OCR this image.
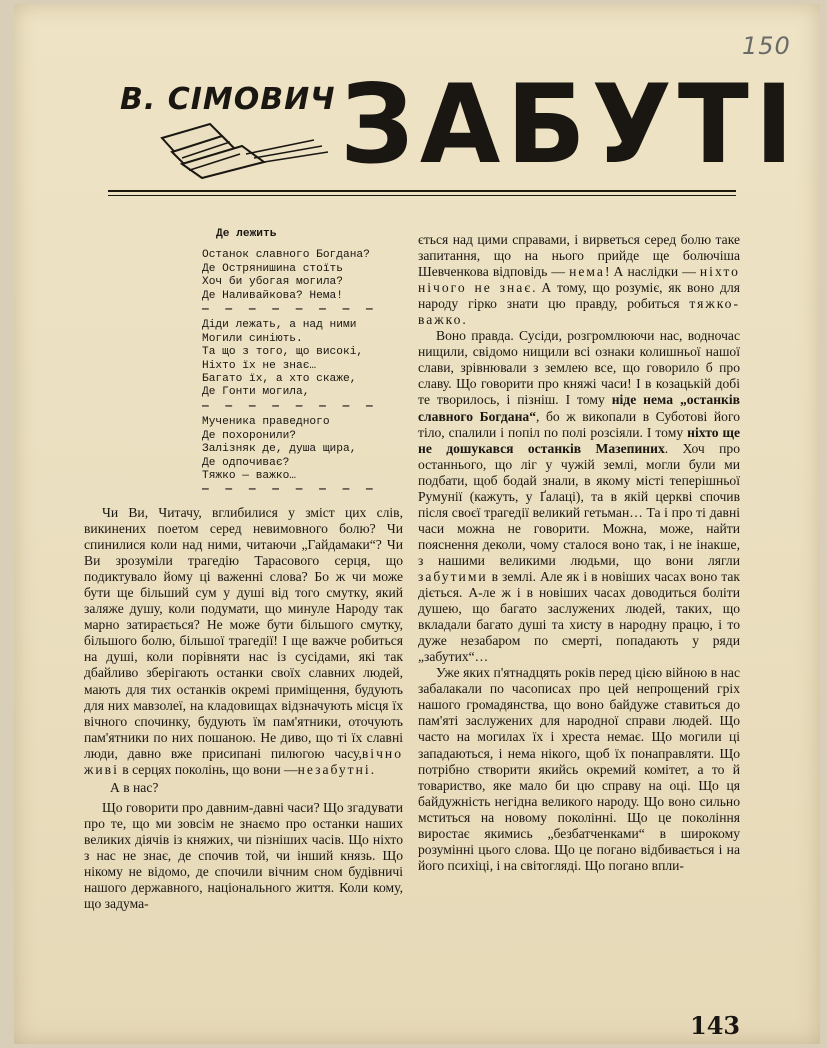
150
В. СІМОВИЧ ЗАБУТІ
Де лежить
Останок славного Богдана?
Де Острянишина стоїть
Хоч би убогая могила?
Де Наливайкова? Нема!
— — — — — — — —
Діди лежать, а над ними
Могили синіють.
Та що з того, що високі,
Ніхто їх не знає…
Багато їх, а хто скаже,
Де Гонти могила,
— — — — — — — —
Мученика праведного
Де похоронили?
Залізняк де, душа щира,
Де одпочиває?
Тяжко — важко…
— — — — — — — —

Чи Ви, Читачу, вглибилися у зміст цих слів, викинених поетом серед невимовного болю? Чи спинилися коли над ними, читаючи „Гайдамаки“? Чи Ви зрозуміли трагедію Тарасового серця, що подиктувало йому ці важенні слова? Бо ж чи може бути ще більший сум у душі від того смутку, який заляже душу, коли подумати, що минуле Народу так марно затирається? Не може бути більшого смутку, більшого болю, більшої трагедії! І ще важче робиться на душі, коли порівняти нас із сусідами, які так дбайливо зберігають останки своїх славних людей, мають для тих останків окремі приміщення, будують для них мавзолеї, на кладовищах відзначують місця їх вічного спочинку, будують їм пам'ятники, оточують пам'ятники по них пошаною. Не диво, що ті їх славні люди, давно вже присипані пилюгою часу,вічно живі в серцях поколінь, що вони —незабутні.

А в нас?

Що говорити про давним-давні часи? Що згадувати про те, що ми зовсім не знаємо про останки наших великих діячів із княжих, чи пізніших часів. Що ніхто з нас не знає, де спочив той, чи інший князь. Що нікому не відомо, де спочили вічним сном будівничі нашого державного, національного життя. Коли кому, що задума-

ється над цими справами, і вирветься серед болю таке запитання, що на нього прийде ще болючіша Шевченкова відповідь — нема! А наслідки — ніхто нічого не знає. А тому, що розуміє, як воно для народу гірко знати цю правду, робиться тяжко-важко.

Воно правда. Сусіди, розгромлюючи нас, водночас нищили, свідомо нищили всі ознаки колишньої нашої слави, зрівнювали з землею все, що говорило б про славу. Що говорити про княжі часи! І в козацькій добі те творилось, і пізніш. І тому ніде нема „останків славного Богдана“, бо ж викопали в Суботові його тіло, спалили і попіл по полі розсіяли. І тому ніхто ще не дошукався останків Мазепиних. Хоч про останнього, що ліг у чужій землі, могли були ми подбати, щоб бодай знали, в якому місті теперішньої Румунії (кажуть, у Ґалаці), та в якій церкві спочив після своєї трагедії великий гетьман… Та і про ті давні часи можна не говорити. Можна, може, найти пояснення деколи, чому сталося воно так, і не інакше, з нашими великими людьми, що вони лягли забутими в землі. Але як і в новіших часах воно так діється. А-ле ж і в новіших часах доводиться боліти душею, що багато заслужених людей, таких, що вкладали багато душі та хисту в народну працю, і то дуже незабаром по смерті, попадають у ряди „забутих“…

Уже яких п'ятнадцять років перед цією війною в нас забалакали по часописах про цей непрощений гріх нашого громадянства, що воно байдуже ставиться до пам'яті заслужених для народної справи людей. Що часто на могилах їх і хреста немає. Що могили ці западаються, і нема нікого, щоб їх понаправляти. Що потрібно створити якийсь окремий комітет, а то й товариство, яке мало би цю справу на оці. Що ця байдужність негідна великого народу. Що воно сильно мститься на новому поколінні. Що це покоління виростає якимись „безбатченками“ в широкому розумінні цього слова. Що це погано відбивається і на його психіці, і на світогляді. Що погано впли-

143
